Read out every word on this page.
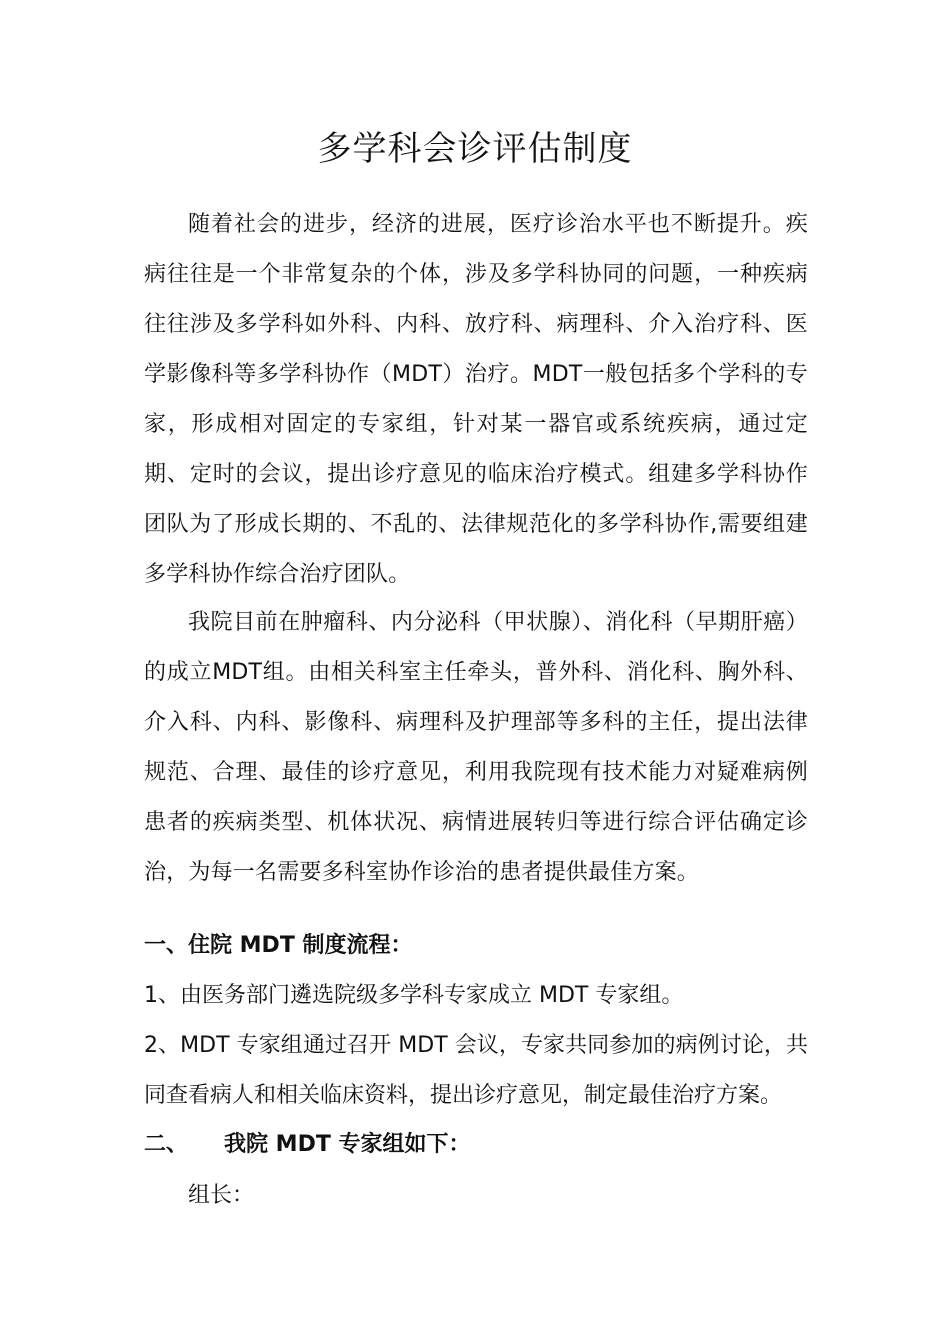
多学科会诊评估制度

随着社会的进步，经济的进展，医疗诊治水平也不断提升。疾病往往是一个非常复杂的个体，涉及多学科协同的问题，一种疾病往往涉及多学科如外科、内科、放疗科、病理科、介入治疗科、医学影像科等多学科协作（MDT）治疗。MDT一般包括多个学科的专家，形成相对固定的专家组，针对某一器官或系统疾病，通过定期、定时的会议，提出诊疗意见的临床治疗模式。组建多学科协作团队为了形成长期的、不乱的、法律规范化的多学科协作,需要组建多学科协作综合治疗团队。

我院目前在肿瘤科、内分泌科（甲状腺）、消化科（早期肝癌）的成立MDT组。由相关科室主任牵头，普外科、消化科、胸外科、介入科、内科、影像科、病理科及护理部等多科的主任，提出法律规范、合理、最佳的诊疗意见，利用我院现有技术能力对疑难病例患者的疾病类型、机体状况、病情进展转归等进行综合评估确定诊治，为每一名需要多科室协作诊治的患者提供最佳方案。

一、住院 MDT 制度流程：
1、由医务部门遴选院级多学科专家成立 MDT 专家组。

2、MDT 专家组通过召开 MDT 会议，专家共同参加的病例讨论，共同查看病人和相关临床资料，提出诊疗意见，制定最佳治疗方案。

二、 我院 MDT 专家组如下：
组长：
